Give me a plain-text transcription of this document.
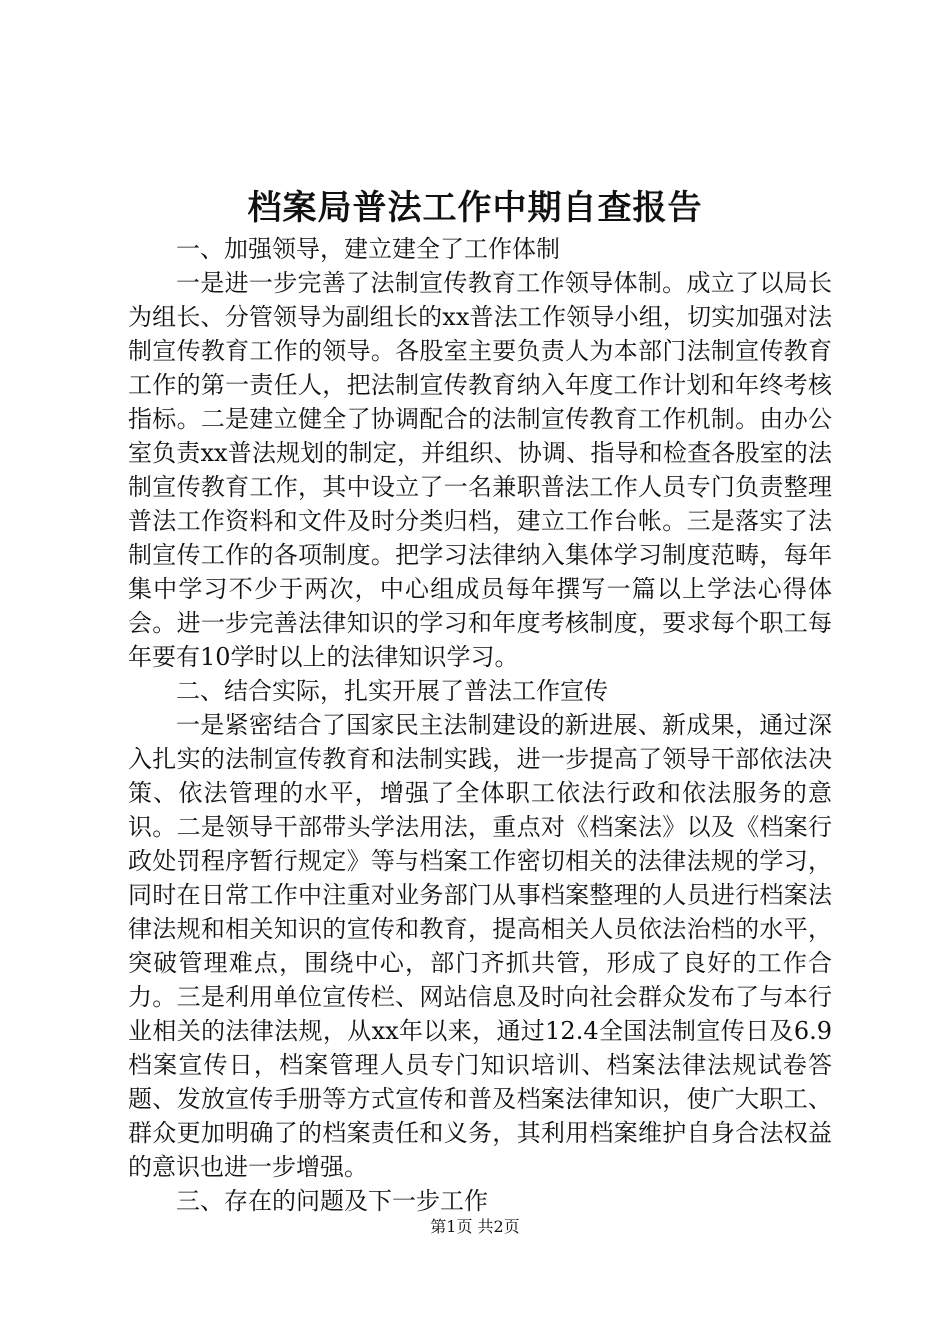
档案局普法工作中期自查报告

一、加强领导，建立建全了工作体制

一是进一步完善了法制宣传教育工作领导体制。成立了以局长为组长、分管领导为副组长的xx普法工作领导小组，切实加强对法制宣传教育工作的领导。各股室主要负责人为本部门法制宣传教育工作的第一责任人，把法制宣传教育纳入年度工作计划和年终考核指标。二是建立健全了协调配合的法制宣传教育工作机制。由办公室负责xx普法规划的制定，并组织、协调、指导和检查各股室的法制宣传教育工作，其中设立了一名兼职普法工作人员专门负责整理普法工作资料和文件及时分类归档，建立工作台帐。三是落实了法制宣传工作的各项制度。把学习法律纳入集体学习制度范畴，每年集中学习不少于两次，中心组成员每年撰写一篇以上学法心得体会。进一步完善法律知识的学习和年度考核制度，要求每个职工每年要有10学时以上的法律知识学习。

二、结合实际，扎实开展了普法工作宣传

一是紧密结合了国家民主法制建设的新进展、新成果，通过深入扎实的法制宣传教育和法制实践，进一步提高了领导干部依法决策、依法管理的水平，增强了全体职工依法行政和依法服务的意识。二是领导干部带头学法用法，重点对《档案法》以及《档案行政处罚程序暂行规定》等与档案工作密切相关的法律法规的学习，同时在日常工作中注重对业务部门从事档案整理的人员进行档案法律法规和相关知识的宣传和教育，提高相关人员依法治档的水平，突破管理难点，围绕中心，部门齐抓共管，形成了良好的工作合力。三是利用单位宣传栏、网站信息及时向社会群众发布了与本行业相关的法律法规，从xx年以来，通过12.4全国法制宣传日及6.9档案宣传日，档案管理人员专门知识培训、档案法律法规试卷答题、发放宣传手册等方式宣传和普及档案法律知识，使广大职工、群众更加明确了的档案责任和义务，其利用档案维护自身合法权益的意识也进一步增强。

三、存在的问题及下一步工作

第1页 共2页
